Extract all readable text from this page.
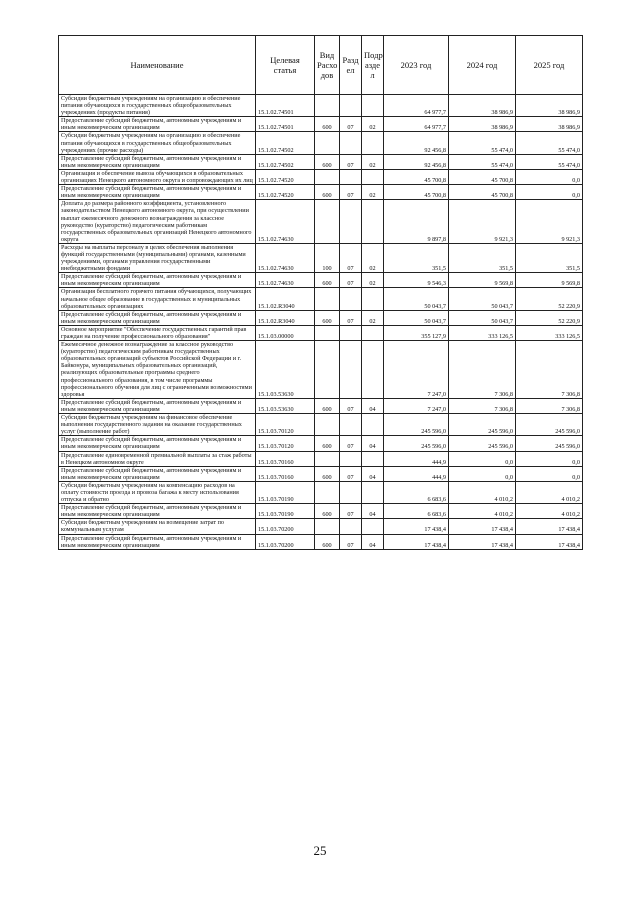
Наименование	Целевая статья	Вид Расхо дов	Разд ел	Подр азде л	2023 год	2024 год	2025 год
Субсидии бюджетным учреждениям на организацию и обеспечение питания обучающихся в государственных общеобразовательных учреждениях (продукты питания)	15.1.02.74501				64 977,7	38 986,9	38 986,9
Предоставление субсидий бюджетным, автономным учреждениям и иным некоммерческим организациям	15.1.02.74501	600	07	02	64 977,7	38 986,9	38 986,9
Субсидии бюджетным учреждениям на организацию и обеспечение питания обучающихся в государственных общеобразовательных учреждениях (прочие расходы)	15.1.02.74502				92 456,8	55 474,0	55 474,0
Предоставление субсидий бюджетным, автономным учреждениям и иным некоммерческим организациям	15.1.02.74502	600	07	02	92 456,8	55 474,0	55 474,0
Организация и обеспечение вывоза обучающихся в образовательных организациях Ненецкого автономного округа и сопровождающих их лиц	15.1.02.74520				45 700,8	45 700,8	0,0
Предоставление субсидий бюджетным, автономным учреждениям и иным некоммерческим организациям	15.1.02.74520	600	07	02	45 700,8	45 700,8	0,0
Доплата до размера районного коэффициента, установленного законодательством Ненецкого автономного округа, при осуществлении выплат ежемесячного денежного вознаграждения за классное руководство (кураторство) педагогическим работникам государственных образовательных организаций Ненецкого автономного округа	15.1.02.74630				9 897,8	9 921,3	9 921,3
Расходы на выплаты персоналу в целях обеспечения выполнения функций государственными (муниципальными) органами, казенными учреждениями, органами управления государственными внебюджетными фондами	15.1.02.74630	100	07	02	351,5	351,5	351,5
Предоставление субсидий бюджетным, автономным учреждениям и иным некоммерческим организациям	15.1.02.74630	600	07	02	9 546,3	9 569,8	9 569,8
Организация бесплатного горячего питания обучающихся, получающих начальное общее образование в государственных и муниципальных образовательных организациях	15.1.02.R3040				50 043,7	50 043,7	52 220,9
Предоставление субсидий бюджетным, автономным учреждениям и иным некоммерческим организациям	15.1.02.R3040	600	07	02	50 043,7	50 043,7	52 220,9
Основное мероприятие "Обеспечение государственных гарантий прав граждан на получение профессионального образования"	15.1.03.00000				355 127,9	333 126,5	333 126,5
Ежемесячное денежное вознаграждение за классное руководство (кураторство) педагогическим работникам государственных образовательных организаций субъектов Российской Федерации и г. Байконура, муниципальных образовательных организаций, реализующих образовательные программы среднего профессионального образования, в том числе программы профессионального обучения для лиц с ограниченными возможностями здоровья	15.1.03.53630				7 247,0	7 306,8	7 306,8
Предоставление субсидий бюджетным, автономным учреждениям и иным некоммерческим организациям	15.1.03.53630	600	07	04	7 247,0	7 306,8	7 306,8
Субсидии бюджетным учреждениям на финансовое обеспечение выполнения государственного задания на оказание государственных услуг (выполнение работ)	15.1.03.70120				245 596,0	245 596,0	245 596,0
Предоставление субсидий бюджетным, автономным учреждениям и иным некоммерческим организациям	15.1.03.70120	600	07	04	245 596,0	245 596,0	245 596,0
Предоставление единовременной премиальной выплаты за стаж работы в Ненецком автономном округе	15.1.03.70160				444,9	0,0	0,0
Предоставление субсидий бюджетным, автономным учреждениям и иным некоммерческим организациям	15.1.03.70160	600	07	04	444,9	0,0	0,0
Субсидии бюджетным учреждениям на компенсацию расходов на оплату стоимости проезда и провоза багажа к месту использования отпуска и обратно	15.1.03.70190				6 683,6	4 010,2	4 010,2
Предоставление субсидий бюджетным, автономным учреждениям и иным некоммерческим организациям	15.1.03.70190	600	07	04	6 683,6	4 010,2	4 010,2
Субсидии бюджетным учреждениям на возмещение затрат по коммунальным услугам	15.1.03.70200				17 438,4	17 438,4	17 438,4
Предоставление субсидий бюджетным, автономным учреждениям и иным некоммерческим организациям	15.1.03.70200	600	07	04	17 438,4	17 438,4	17 438,4
25
